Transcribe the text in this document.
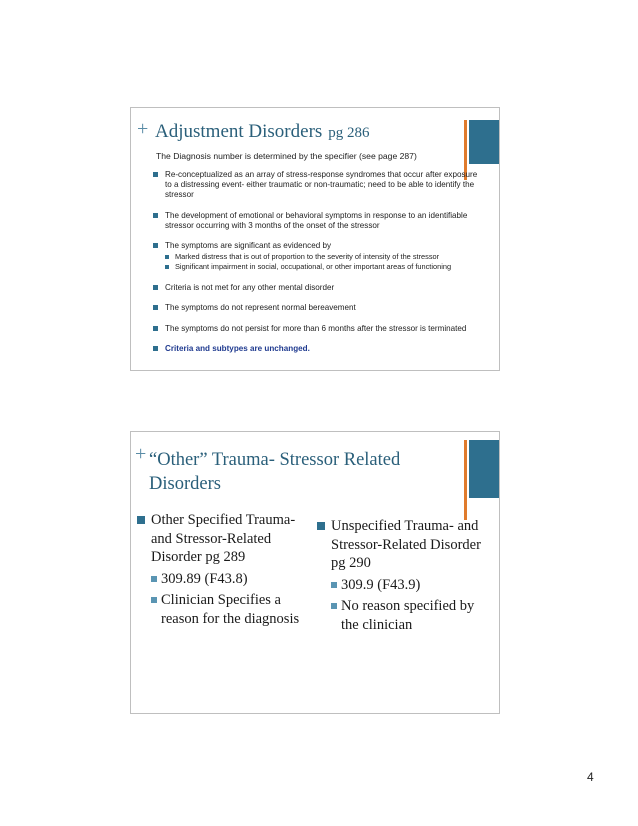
+ Adjustment Disorders pg 286
The Diagnosis number is determined by the specifier (see page 287)
Re-conceptualized as an array of stress-response syndromes that occur after exposure to a distressing event- either traumatic or non-traumatic; need to be able to identify the stressor
The development of emotional or behavioral symptoms in response to an identifiable stressor occurring with 3 months of the onset of the stressor
The symptoms are significant as evidenced by
Marked distress that is out of proportion to the severity of intensity of the stressor
Significant impairment in social, occupational, or other important areas of functioning
Criteria is not met for any other mental disorder
The symptoms do not represent normal bereavement
The symptoms do not persist for more than 6 months after the stressor is terminated
Criteria and subtypes are unchanged.
+ “Other” Trauma- Stressor Related Disorders
Other Specified Trauma- and Stressor-Related Disorder pg 289
309.89 (F43.8)
Clinician Specifies a reason for the diagnosis
Unspecified Trauma- and Stressor-Related Disorder pg 290
309.9 (F43.9)
No reason specified by the clinician
4
